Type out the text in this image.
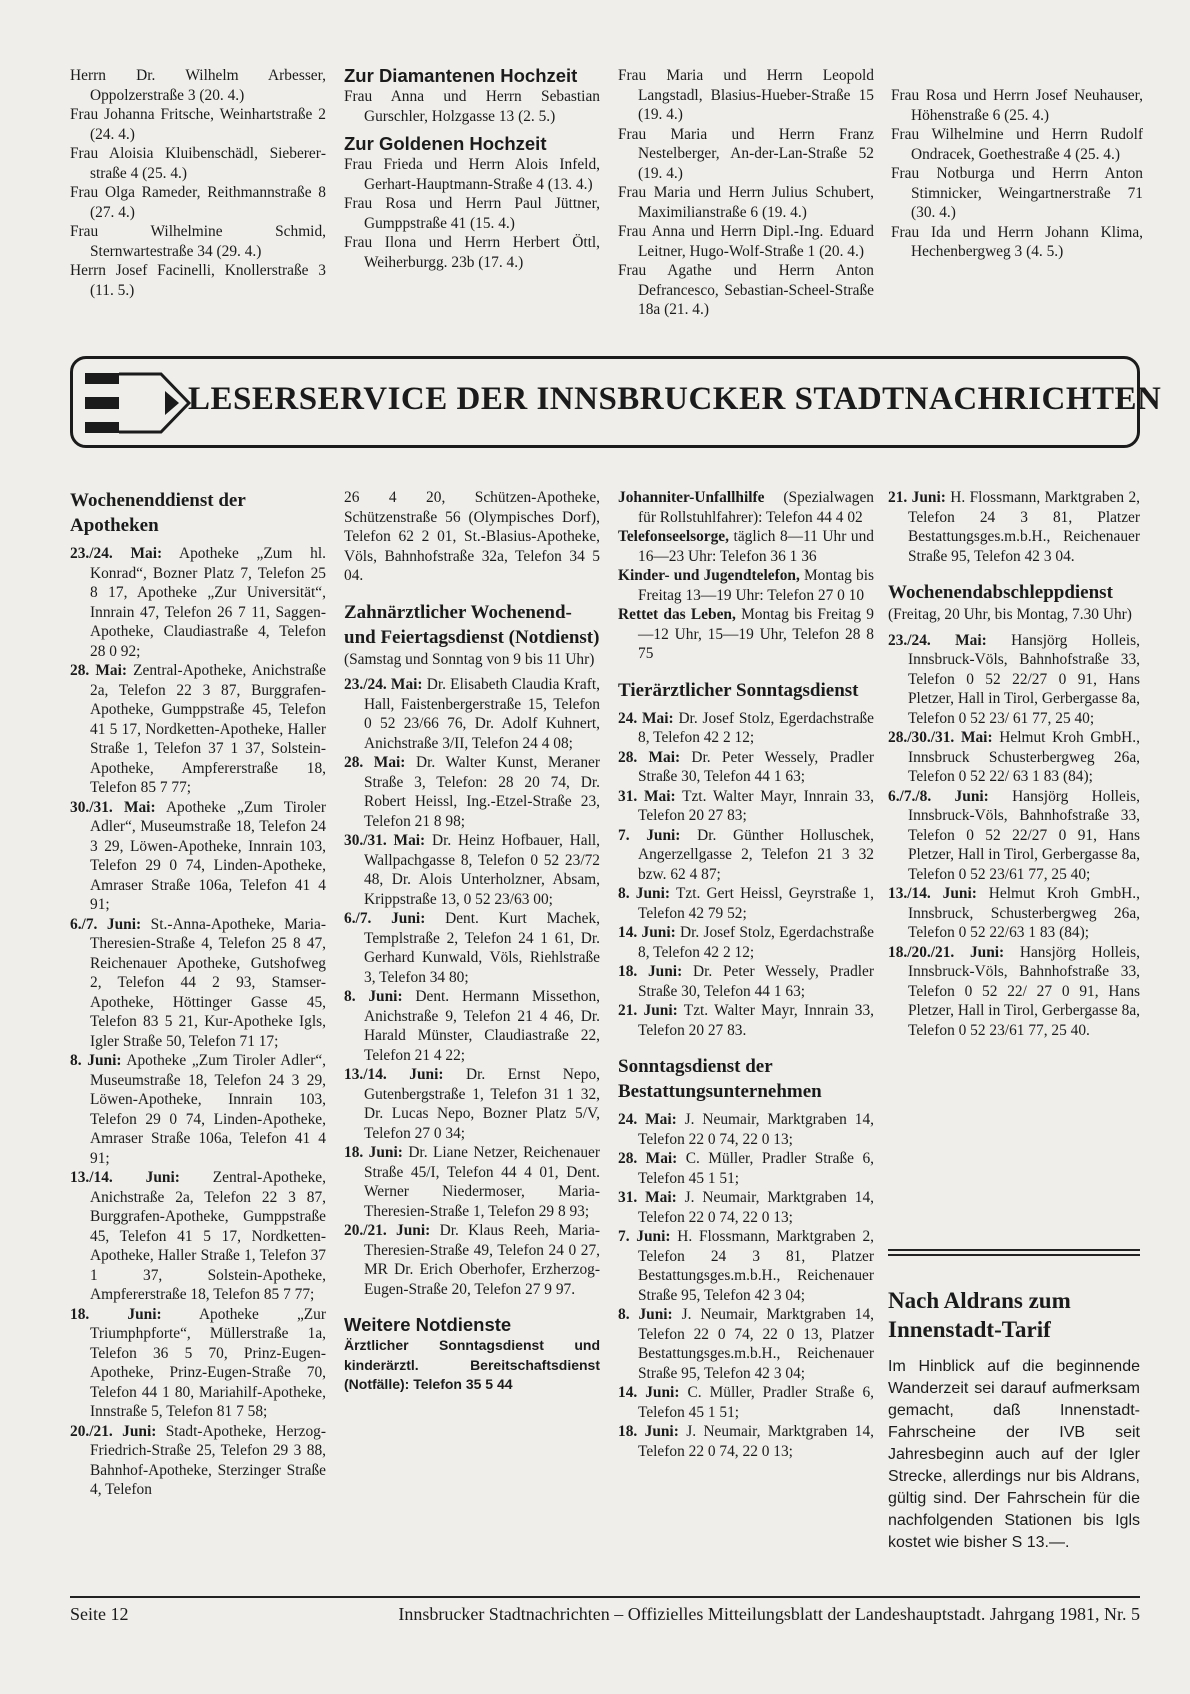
Herrn Dr. Wilhelm Arbesser, Oppolzerstraße 3 (20. 4.)

Frau Johanna Fritsche, Weinhartstraße 2 (24. 4.)

Frau Aloisia Kluibenschädl, Siebererstraße 4 (25. 4.)

Frau Olga Rameder, Reithmannstraße 8 (27. 4.)

Frau Wilhelmine Schmid, Sternwartestraße 34 (29. 4.)

Herrn Josef Facinelli, Knollerstraße 3 (11. 5.)

Zur Diamantenen Hochzeit

Frau Anna und Herrn Sebastian Gurschler, Holzgasse 13 (2. 5.)

Zur Goldenen Hochzeit

Frau Frieda und Herrn Alois Infeld, Gerhart-Hauptmann-Straße 4 (13. 4.)

Frau Rosa und Herrn Paul Jüttner, Gumppstraße 41 (15. 4.)

Frau Ilona und Herrn Herbert Öttl, Weiherburgg. 23b (17. 4.)

Frau Maria und Herrn Leopold Langstadl, Blasius-Hueber-Straße 15 (19. 4.)

Frau Maria und Herrn Franz Nestelberger, An-der-Lan-Straße 52 (19. 4.)

Frau Maria und Herrn Julius Schubert, Maximilianstraße 6 (19. 4.)

Frau Anna und Herrn Dipl.-Ing. Eduard Leitner, Hugo-Wolf-Straße 1 (20. 4.)

Frau Agathe und Herrn Anton Defrancesco, Sebastian-Scheel-Straße 18a (21. 4.)

Frau Rosa und Herrn Josef Neuhauser, Höhenstraße 6 (25. 4.)

Frau Wilhelmine und Herrn Rudolf Ondracek, Goethestraße 4 (25. 4.)

Frau Notburga und Herrn Anton Stimnicker, Weingartnerstraße 71 (30. 4.)

Frau Ida und Herrn Johann Klima, Hechenbergweg 3 (4. 5.)

LESERSERVICE DER INNSBRUCKER STADTNACHRICHTEN

Wochenenddienst der Apotheken

23./24. Mai: Apotheke „Zum hl. Konrad“, Bozner Platz 7, Telefon 25 8 17, Apotheke „Zur Universität“, Innrain 47, Telefon 26 7 11, Saggen-Apotheke, Claudiastraße 4, Telefon 28 0 92;

28. Mai: Zentral-Apotheke, Anichstraße 2a, Telefon 22 3 87, Burggrafen-Apotheke, Gumppstraße 45, Telefon 41 5 17, Nordketten-Apotheke, Haller Straße 1, Telefon 37 1 37, Solstein-Apotheke, Ampfererstraße 18, Telefon 85 7 77;

30./31. Mai: Apotheke „Zum Tiroler Adler“, Museumstraße 18, Telefon 24 3 29, Löwen-Apotheke, Innrain 103, Telefon 29 0 74, Linden-Apotheke, Amraser Straße 106a, Telefon 41 4 91;

6./7. Juni: St.-Anna-Apotheke, Maria-Theresien-Straße 4, Telefon 25 8 47, Reichenauer Apotheke, Gutshofweg 2, Telefon 44 2 93, Stamser-Apotheke, Höttinger Gasse 45, Telefon 83 5 21, Kur-Apotheke Igls, Igler Straße 50, Telefon 71 17;

8. Juni: Apotheke „Zum Tiroler Adler“, Museumstraße 18, Telefon 24 3 29, Löwen-Apotheke, Innrain 103, Telefon 29 0 74, Linden-Apotheke, Amraser Straße 106a, Telefon 41 4 91;

13./14. Juni: Zentral-Apotheke, Anichstraße 2a, Telefon 22 3 87, Burggrafen-Apotheke, Gumppstraße 45, Telefon 41 5 17, Nordketten-Apotheke, Haller Straße 1, Telefon 37 1 37, Solstein-Apotheke, Ampfererstraße 18, Telefon 85 7 77;

18. Juni: Apotheke „Zur Triumphpforte“, Müllerstraße 1a, Telefon 36 5 70, Prinz-Eugen-Apotheke, Prinz-Eugen-Straße 70, Telefon 44 1 80, Mariahilf-Apotheke, Innstraße 5, Telefon 81 7 58;

20./21. Juni: Stadt-Apotheke, Herzog-Friedrich-Straße 25, Telefon 29 3 88, Bahnhof-Apotheke, Sterzinger Straße 4, Telefon

26 4 20, Schützen-Apotheke, Schützenstraße 56 (Olympisches Dorf), Telefon 62 2 01, St.-Blasius-Apotheke, Völs, Bahnhofstraße 32a, Telefon 34 5 04.

Zahnärztlicher Wochenend- und Feiertagsdienst (Notdienst)

(Samstag und Sonntag von 9 bis 11 Uhr)

23./24. Mai: Dr. Elisabeth Claudia Kraft, Hall, Faistenbergerstraße 15, Telefon 0 52 23/66 76, Dr. Adolf Kuhnert, Anichstraße 3/II, Telefon 24 4 08;

28. Mai: Dr. Walter Kunst, Meraner Straße 3, Telefon: 28 20 74, Dr. Robert Heissl, Ing.-Etzel-Straße 23, Telefon 21 8 98;

30./31. Mai: Dr. Heinz Hofbauer, Hall, Wallpachgasse 8, Telefon 0 52 23/72 48, Dr. Alois Unterholzner, Absam, Krippstraße 13, 0 52 23/63 00;

6./7. Juni: Dent. Kurt Machek, Templstraße 2, Telefon 24 1 61, Dr. Gerhard Kunwald, Völs, Riehlstraße 3, Telefon 34 80;

8. Juni: Dent. Hermann Missethon, Anichstraße 9, Telefon 21 4 46, Dr. Harald Münster, Claudiastraße 22, Telefon 21 4 22;

13./14. Juni: Dr. Ernst Nepo, Gutenbergstraße 1, Telefon 31 1 32, Dr. Lucas Nepo, Bozner Platz 5/V, Telefon 27 0 34;

18. Juni: Dr. Liane Netzer, Reichenauer Straße 45/I, Telefon 44 4 01, Dent. Werner Niedermoser, Maria-Theresien-Straße 1, Telefon 29 8 93;

20./21. Juni: Dr. Klaus Reeh, Maria-Theresien-Straße 49, Telefon 24 0 27, MR Dr. Erich Oberhofer, Erzherzog-Eugen-Straße 20, Telefon 27 9 97.

Weitere Notdienste

Ärztlicher Sonntagsdienst und kinderärztl. Bereitschaftsdienst (Notfälle): Telefon 35 5 44

Johanniter-Unfallhilfe (Spezialwagen für Rollstuhlfahrer): Telefon 44 4 02

Telefonseelsorge, täglich 8—11 Uhr und 16—23 Uhr: Telefon 36 1 36

Kinder- und Jugendtelefon, Montag bis Freitag 13—19 Uhr: Telefon 27 0 10

Rettet das Leben, Montag bis Freitag 9—12 Uhr, 15—19 Uhr, Telefon 28 8 75

Tierärztlicher Sonntagsdienst

24. Mai: Dr. Josef Stolz, Egerdachstraße 8, Telefon 42 2 12;

28. Mai: Dr. Peter Wessely, Pradler Straße 30, Telefon 44 1 63;

31. Mai: Tzt. Walter Mayr, Innrain 33, Telefon 20 27 83;

7. Juni: Dr. Günther Holluschek, Angerzellgasse 2, Telefon 21 3 32 bzw. 62 4 87;

8. Juni: Tzt. Gert Heissl, Geyrstraße 1, Telefon 42 79 52;

14. Juni: Dr. Josef Stolz, Egerdachstraße 8, Telefon 42 2 12;

18. Juni: Dr. Peter Wessely, Pradler Straße 30, Telefon 44 1 63;

21. Juni: Tzt. Walter Mayr, Innrain 33, Telefon 20 27 83.

Sonntagsdienst der Bestattungsunternehmen

24. Mai: J. Neumair, Marktgraben 14, Telefon 22 0 74, 22 0 13;

28. Mai: C. Müller, Pradler Straße 6, Telefon 45 1 51;

31. Mai: J. Neumair, Marktgraben 14, Telefon 22 0 74, 22 0 13;

7. Juni: H. Flossmann, Marktgraben 2, Telefon 24 3 81, Platzer Bestattungsges.m.b.H., Reichenauer Straße 95, Telefon 42 3 04;

8. Juni: J. Neumair, Marktgraben 14, Telefon 22 0 74, 22 0 13, Platzer Bestattungsges.m.b.H., Reichenauer Straße 95, Telefon 42 3 04;

14. Juni: C. Müller, Pradler Straße 6, Telefon 45 1 51;

18. Juni: J. Neumair, Marktgraben 14, Telefon 22 0 74, 22 0 13;

21. Juni: H. Flossmann, Marktgraben 2, Telefon 24 3 81, Platzer Bestattungsges.m.b.H., Reichenauer Straße 95, Telefon 42 3 04.

Wochenendabschleppdienst

(Freitag, 20 Uhr, bis Montag, 7.30 Uhr)

23./24. Mai: Hansjörg Holleis, Innsbruck-Völs, Bahnhofstraße 33, Telefon 0 52 22/27 0 91, Hans Pletzer, Hall in Tirol, Gerbergasse 8a, Telefon 0 52 23/ 61 77, 25 40;

28./30./31. Mai: Helmut Kroh GmbH., Innsbruck Schusterbergweg 26a, Telefon 0 52 22/ 63 1 83 (84);

6./7./8. Juni: Hansjörg Holleis, Innsbruck-Völs, Bahnhofstraße 33, Telefon 0 52 22/27 0 91, Hans Pletzer, Hall in Tirol, Gerbergasse 8a, Telefon 0 52 23/61 77, 25 40;

13./14. Juni: Helmut Kroh GmbH., Innsbruck, Schusterbergweg 26a, Telefon 0 52 22/63 1 83 (84);

18./20./21. Juni: Hansjörg Holleis, Innsbruck-Völs, Bahnhofstraße 33, Telefon 0 52 22/ 27 0 91, Hans Pletzer, Hall in Tirol, Gerbergasse 8a, Telefon 0 52 23/61 77, 25 40.

Nach Aldrans zum Innenstadt-Tarif

Im Hinblick auf die beginnende Wanderzeit sei darauf aufmerksam gemacht, daß Innenstadt-Fahrscheine der IVB seit Jahresbeginn auch auf der Igler Strecke, allerdings nur bis Aldrans, gültig sind. Der Fahrschein für die nachfolgenden Stationen bis Igls kostet wie bisher S 13.—.

Seite 12	Innsbrucker Stadtnachrichten – Offizielles Mitteilungsblatt der Landeshauptstadt. Jahrgang 1981, Nr. 5
